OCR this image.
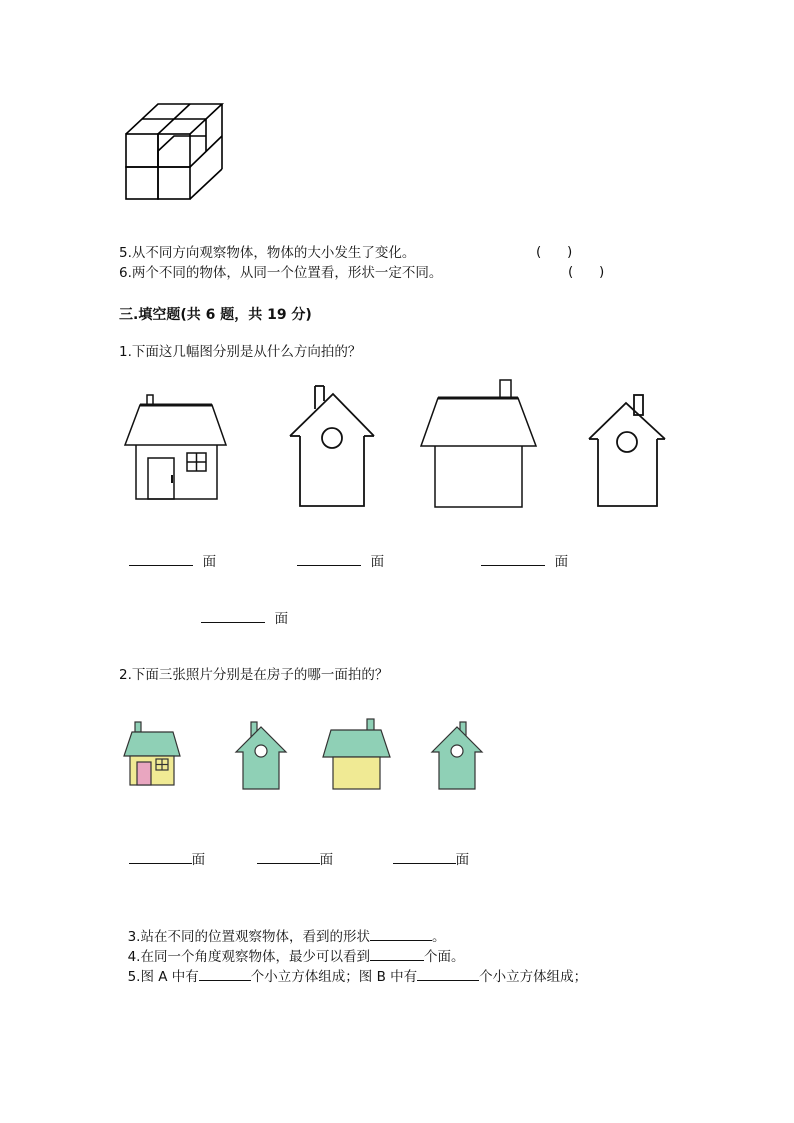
5.从不同方向观察物体，物体的大小发生了变化。	(      )
6.两个不同的物体，从同一个位置看，形状一定不同。	(      )
三.填空题(共 6 题，共 19 分)
1.下面这几幅图分别是从什么方向拍的？

面	面	面

面

2.下面三张照片分别是在房子的哪一面拍的？

面	面	面

3.站在不同的位置观察物体，看到的形状	。

4.在同一个角度观察物体，最少可以看到	个面。

5.图 A 中有	个小立方体组成；图 B 中有	个小立方体组成；
